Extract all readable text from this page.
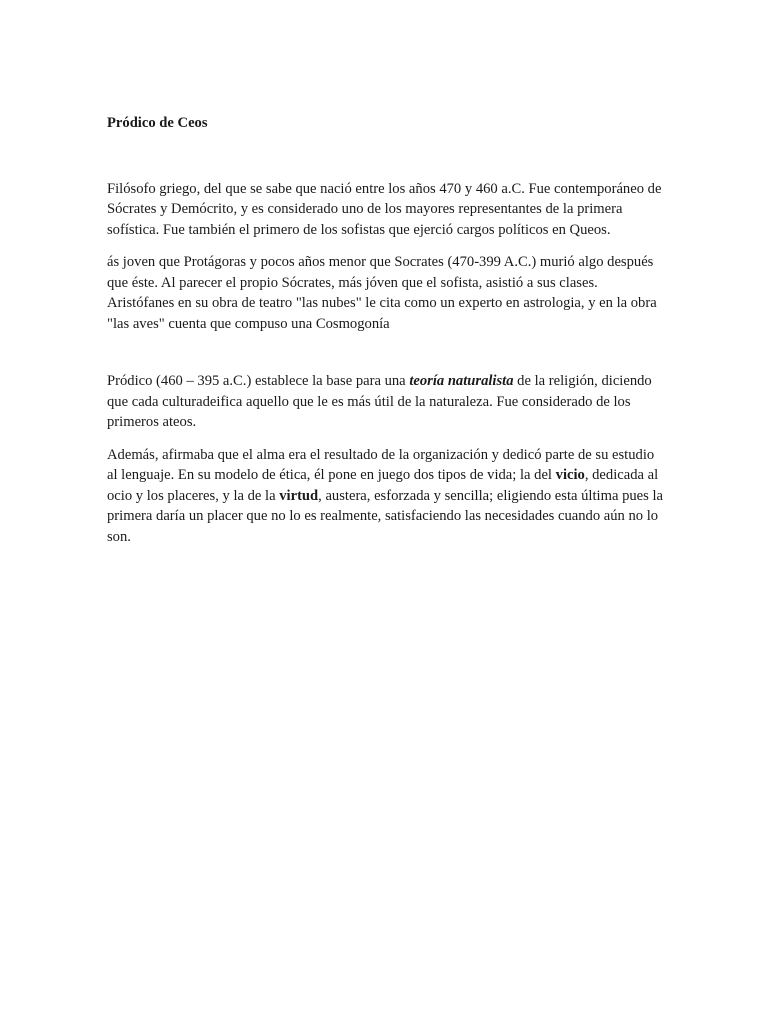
Pródico de Ceos

Filósofo griego, del que se sabe que nació entre los años 470 y 460 a.C. Fue contemporáneo de Sócrates y Demócrito, y es considerado uno de los mayores representantes de la primera sofística. Fue también el primero de los sofistas que ejerció cargos políticos en Queos.

ás joven que Protágoras y pocos años menor que Socrates (470-399 A.C.) murió algo después que éste. Al parecer el propio Sócrates, más jóven que el sofista, asistió a sus clases. Aristófanes en su obra de teatro "las nubes" le cita como un experto en astrologia, y en la obra "las aves" cuenta que compuso una Cosmogonía

Pródico (460 – 395 a.C.) establece la base para una teoría naturalista de la religión, diciendo que cada culturadeifica aquello que le es más útil de la naturaleza. Fue considerado de los primeros ateos.

Además, afirmaba que el alma era el resultado de la organización y dedicó parte de su estudio al lenguaje. En su modelo de ética, él pone en juego dos tipos de vida; la del vicio, dedicada al ocio y los placeres, y la de la virtud, austera, esforzada y sencilla; eligiendo esta última pues la primera daría un placer que no lo es realmente, satisfaciendo las necesidades cuando aún no lo son.
